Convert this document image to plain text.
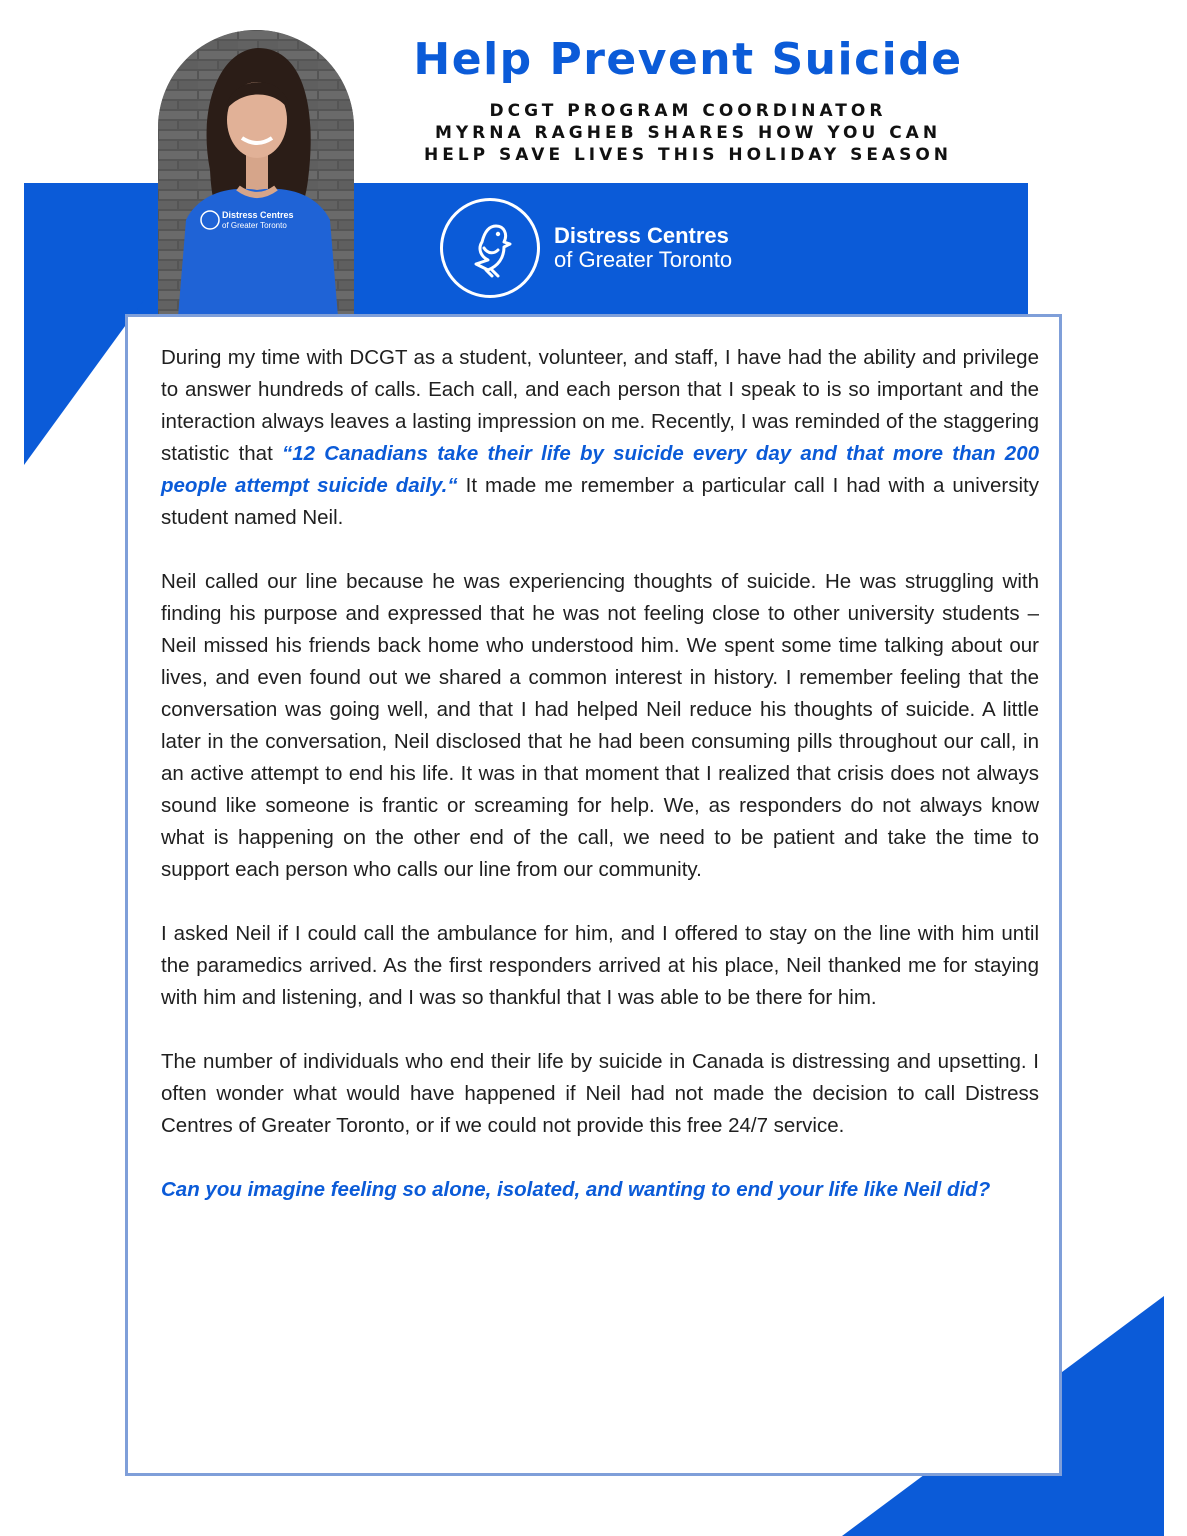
Distress Centres
of Greater Toronto
Help Prevent Suicide
DCGT PROGRAM COORDINATOR
MYRNA RAGHEB SHARES HOW YOU CAN
HELP SAVE LIVES THIS HOLIDAY SEASON
Distress Centres
of Greater Toronto

During my time with DCGT as a student, volunteer, and staff, I have had the ability and privilege to answer hundreds of calls. Each call, and each person that I speak to is so important and the interaction always leaves a lasting impression on me. Recently, I was reminded of the staggering statistic that “12 Canadians take their life by suicide every day and that more than 200 people attempt suicide daily.“ It made me remember a particular call I had with a university student named Neil.

Neil called our line because he was experiencing thoughts of suicide. He was struggling with finding his purpose and expressed that he was not feeling close to other university students – Neil missed his friends back home who understood him. We spent some time talking about our lives, and even found out we shared a common interest in history. I remember feeling that the conversation was going well, and that I had helped Neil reduce his thoughts of suicide. A little later in the conversation, Neil disclosed that he had been consuming pills throughout our call, in an active attempt to end his life. It was in that moment that I realized that crisis does not always sound like someone is frantic or screaming for help. We, as responders do not always know what is happening on the other end of the call, we need to be patient and take the time to support each person who calls our line from our community.

I asked Neil if I could call the ambulance for him, and I offered to stay on the line with him until the paramedics arrived. As the first responders arrived at his place, Neil thanked me for staying with him and listening, and I was so thankful that I was able to be there for him.

The number of individuals who end their life by suicide in Canada is distressing and upsetting. I often wonder what would have happened if Neil had not made the decision to call Distress Centres of Greater Toronto, or if we could not provide this free 24/7 service.

Can you imagine feeling so alone, isolated, and wanting to end your life like Neil did?
